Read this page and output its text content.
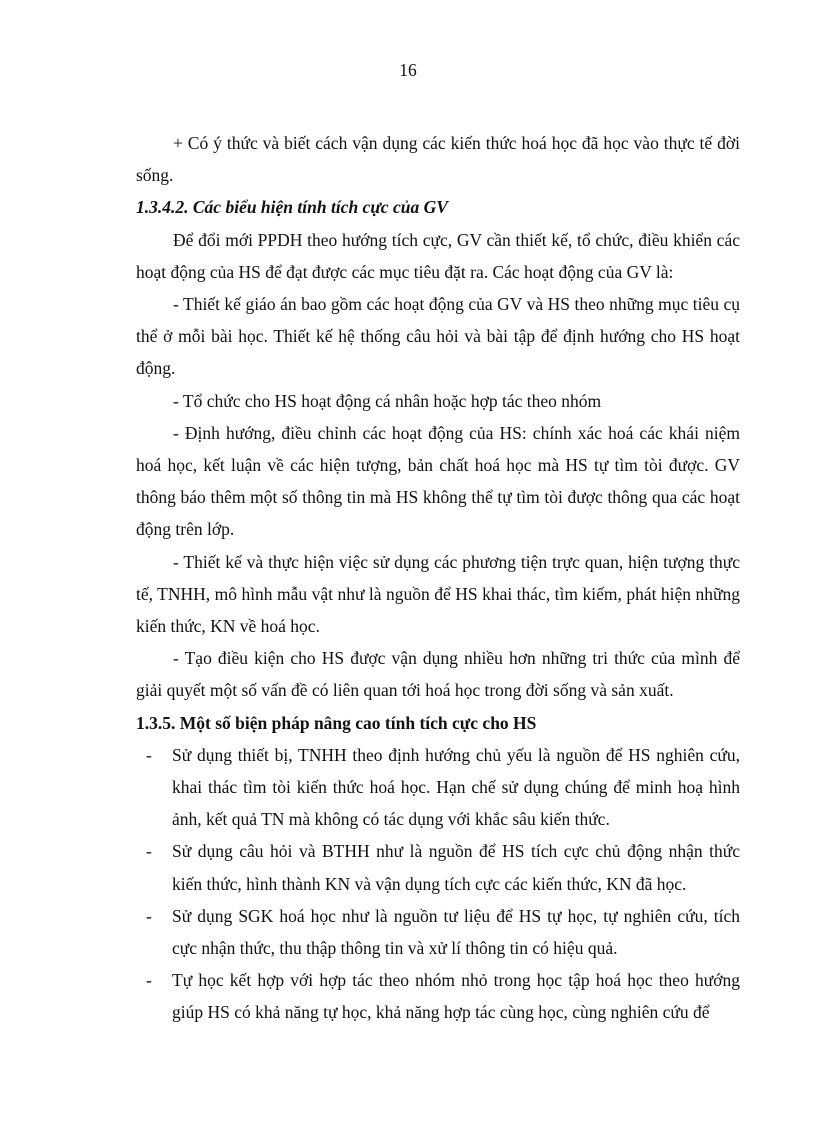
16

+ Có ý thức và biết cách vận dụng các kiến thức hoá học đã học vào thực tế đời sống.

1.3.4.2. Các biểu hiện tính tích cực của GV

Để đổi mới PPDH theo hướng tích cực, GV cần thiết kế, tổ chức, điều khiển các hoạt động của HS để đạt được các mục tiêu đặt ra. Các hoạt động của GV là:

- Thiết kế giáo án bao gồm các hoạt động của GV và HS theo những mục tiêu cụ thể ở mỗi bài học. Thiết kế hệ thống câu hỏi và bài tập để định hướng cho HS hoạt động.

- Tổ chức cho HS hoạt động cá nhân hoặc hợp tác theo nhóm

- Định hướng, điều chỉnh các hoạt động của HS: chính xác hoá các khái niệm hoá học, kết luận về các hiện tượng, bản chất hoá học mà HS tự tìm tòi được. GV thông báo thêm một số thông tin mà HS không thể tự tìm tòi được thông qua các hoạt động trên lớp.

- Thiết kế và thực hiện việc sử dụng các phương tiện trực quan, hiện tượng thực tế, TNHH, mô hình mẫu vật như là nguồn để HS khai thác, tìm kiếm, phát hiện những kiến thức, KN về hoá học.

- Tạo điều kiện cho HS được vận dụng nhiều hơn những tri thức của mình để giải quyết một số vấn đề có liên quan tới hoá học trong đời sống và sản xuất.

1.3.5. Một số biện pháp nâng cao tính tích cực cho HS

- Sử dụng thiết bị, TNHH theo định hướng chủ yếu là nguồn để HS nghiên cứu, khai thác tìm tòi kiến thức hoá học. Hạn chế sử dụng chúng để minh hoạ hình ảnh, kết quả TN mà không có tác dụng với khắc sâu kiến thức.
- Sử dụng câu hỏi và BTHH như là nguồn để HS tích cực chủ động nhận thức kiến thức, hình thành KN và vận dụng tích cực các kiến thức, KN đã học.
- Sử dụng SGK hoá học như là nguồn tư liệu để HS tự học, tự nghiên cứu, tích cực nhận thức, thu thập thông tin và xử lí thông tin có hiệu quả.
- Tự học kết hợp với hợp tác theo nhóm nhỏ trong học tập hoá học theo hướng giúp HS có khả năng tự học, khả năng hợp tác cùng học, cùng nghiên cứu để
